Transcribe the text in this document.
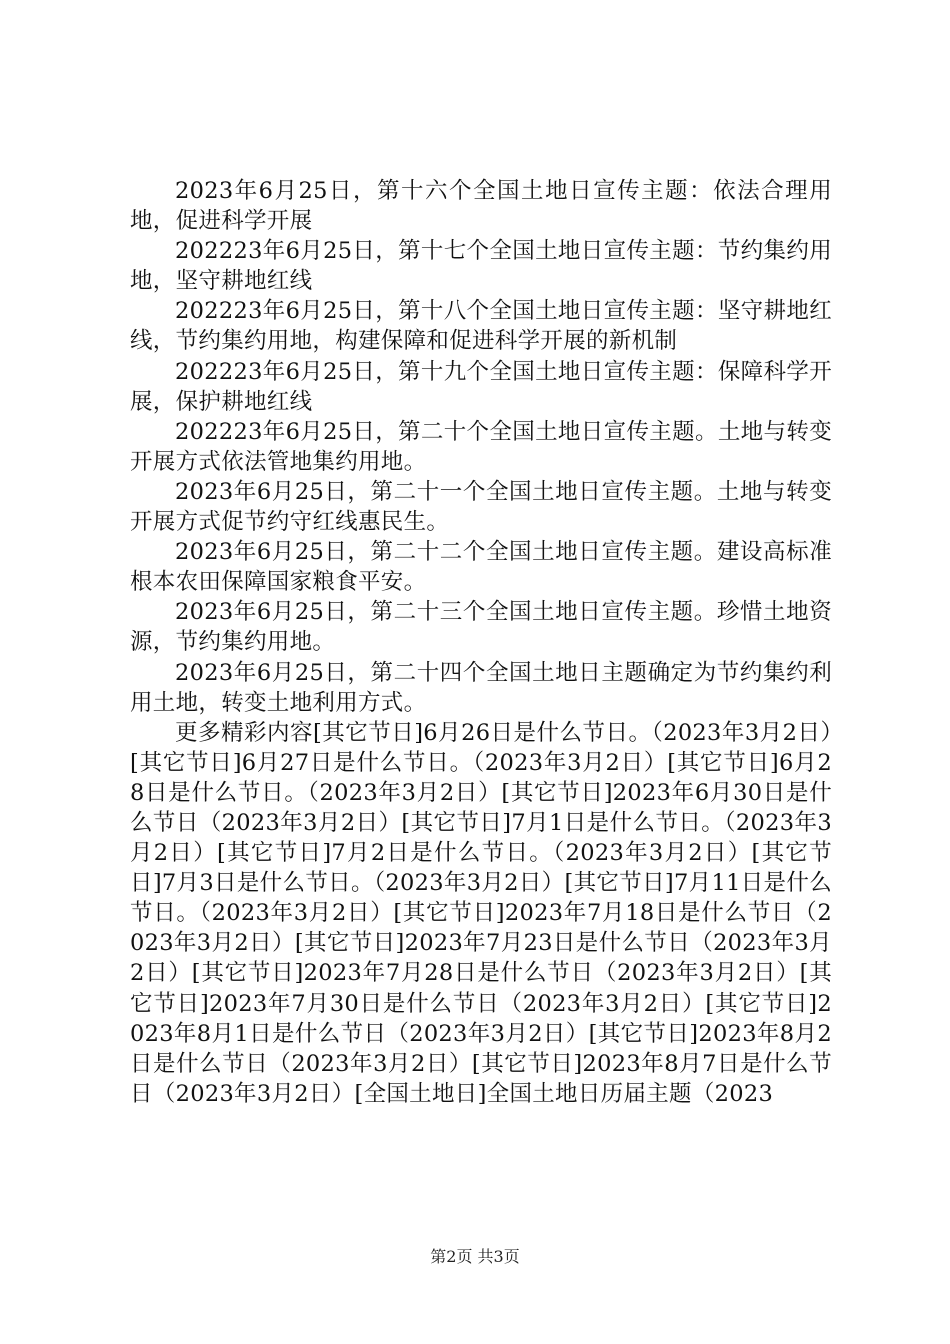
2023年6月25日，第十六个全国土地日宣传主题：依法合理用地，促进科学开展

202223年6月25日，第十七个全国土地日宣传主题：节约集约用地，坚守耕地红线

202223年6月25日，第十八个全国土地日宣传主题：坚守耕地红线，节约集约用地，构建保障和促进科学开展的新机制

202223年6月25日，第十九个全国土地日宣传主题：保障科学开展，保护耕地红线

202223年6月25日，第二十个全国土地日宣传主题。土地与转变开展方式依法管地集约用地。

2023年6月25日，第二十一个全国土地日宣传主题。土地与转变开展方式促节约守红线惠民生。

2023年6月25日，第二十二个全国土地日宣传主题。建设高标准根本农田保障国家粮食平安。

2023年6月25日，第二十三个全国土地日宣传主题。珍惜土地资源，节约集约用地。

2023年6月25日，第二十四个全国土地日主题确定为节约集约利用土地，转变土地利用方式。

更多精彩内容[其它节日]6月26日是什么节日。（2023年3月2日）[其它节日]6月27日是什么节日。（2023年3月2日）[其它节日]6月28日是什么节日。（2023年3月2日）[其它节日]2023年6月30日是什么节日（2023年3月2日）[其它节日]7月1日是什么节日。（2023年3月2日）[其它节日]7月2日是什么节日。（2023年3月2日）[其它节日]7月3日是什么节日。（2023年3月2日）[其它节日]7月11日是什么节日。（2023年3月2日）[其它节日]2023年7月18日是什么节日（2023年3月2日）[其它节日]2023年7月23日是什么节日（2023年3月2日）[其它节日]2023年7月28日是什么节日（2023年3月2日）[其它节日]2023年7月30日是什么节日（2023年3月2日）[其它节日]2023年8月1日是什么节日（2023年3月2日）[其它节日]2023年8月2日是什么节日（2023年3月2日）[其它节日]2023年8月7日是什么节日（2023年3月2日）[全国土地日]全国土地日历届主题（2023

第2页 共3页
